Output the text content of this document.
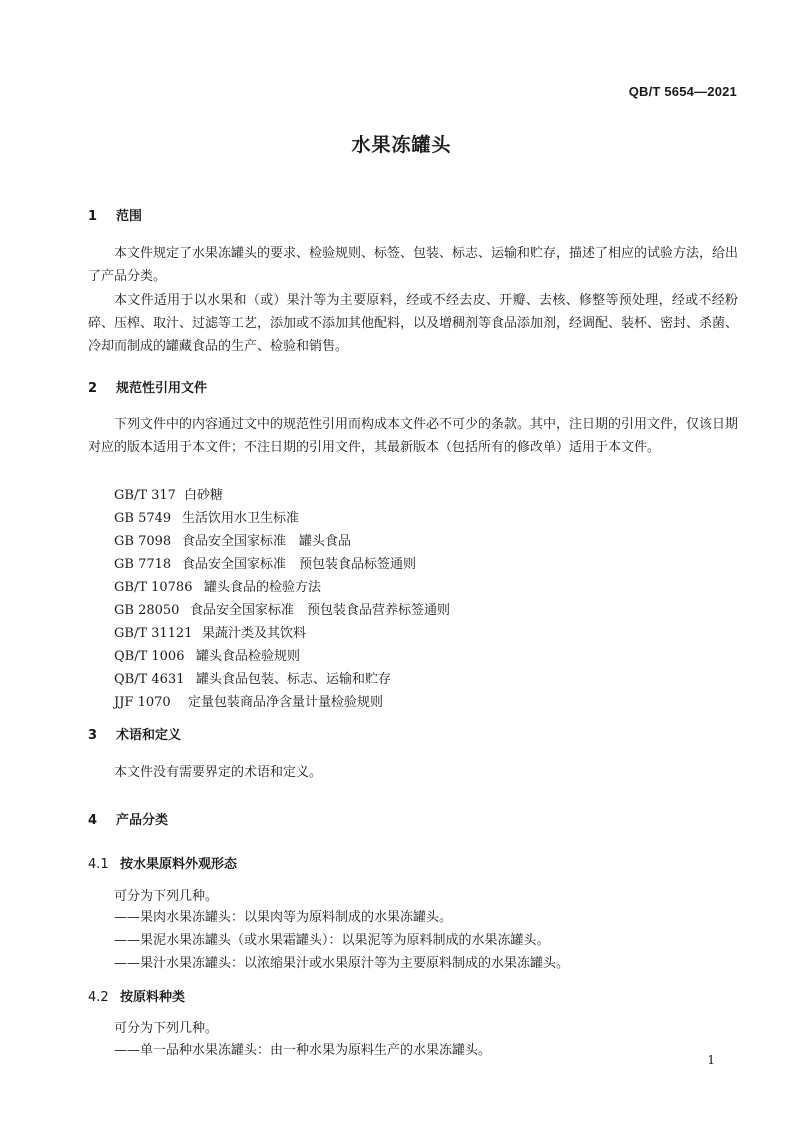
QB/T 5654—2021
水果冻罐头
1 范围
本文件规定了水果冻罐头的要求、检验规则、标签、包装、标志、运输和贮存，描述了相应的试验方法，给出了产品分类。
本文件适用于以水果和（或）果汁等为主要原料，经或不经去皮、开瓣、去核、修整等预处理，经或不经粉碎、压榨、取汁、过滤等工艺，添加或不添加其他配料，以及增稠剂等食品添加剂，经调配、装杯、密封、杀菌、冷却而制成的罐藏食品的生产、检验和销售。
2 规范性引用文件
下列文件中的内容通过文中的规范性引用而构成本文件必不可少的条款。其中，注日期的引用文件，仅该日期对应的版本适用于本文件；不注日期的引用文件，其最新版本（包括所有的修改单）适用于本文件。
GB/T 317 白砂糖
GB 5749 生活饮用水卫生标准
GB 7098 食品安全国家标准　罐头食品
GB 7718 食品安全国家标准　预包装食品标签通则
GB/T 10786 罐头食品的检验方法
GB 28050 食品安全国家标准　预包装食品营养标签通则
GB/T 31121 果蔬汁类及其饮料
QB/T 1006 罐头食品检验规则
QB/T 4631 罐头食品包装、标志、运输和贮存
JJF 1070 定量包装商品净含量计量检验规则
3 术语和定义
本文件没有需要界定的术语和定义。
4 产品分类
4.1 按水果原料外观形态
可分为下列几种。
——果肉水果冻罐头：以果肉等为原料制成的水果冻罐头。
——果泥水果冻罐头（或水果霜罐头）：以果泥等为原料制成的水果冻罐头。
——果汁水果冻罐头：以浓缩果汁或水果原汁等为主要原料制成的水果冻罐头。
4.2 按原料种类
可分为下列几种。
——单一品种水果冻罐头：由一种水果为原料生产的水果冻罐头。
1
